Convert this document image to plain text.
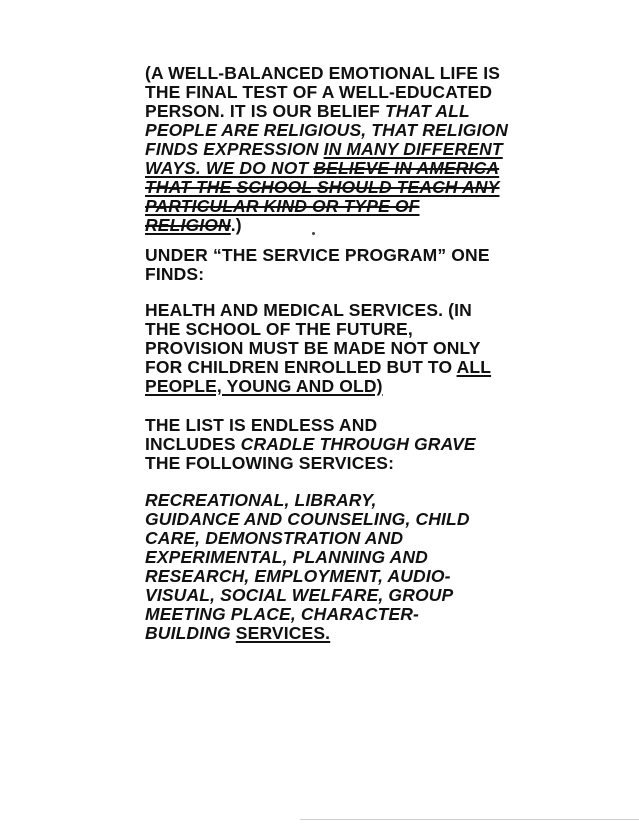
(A WELL-BALANCED EMOTIONAL LIFE IS
THE FINAL TEST OF A WELL-EDUCATED
PERSON. IT IS OUR BELIEF THAT ALL
PEOPLE ARE RELIGIOUS, THAT RELIGION
FINDS EXPRESSION IN MANY DIFFERENT
WAYS. WE DO NOT BELIEVE IN AMERICA
THAT THE SCHOOL SHOULD TEACH ANY
PARTICULAR KIND OR TYPE OF
RELIGION.)
UNDER “THE SERVICE PROGRAM” ONE
FINDS:
HEALTH AND MEDICAL SERVICES. (IN
THE SCHOOL OF THE FUTURE,
PROVISION MUST BE MADE NOT ONLY
FOR CHILDREN ENROLLED BUT TO ALL
PEOPLE, YOUNG AND OLD)
THE LIST IS ENDLESS AND
INCLUDES CRADLE THROUGH GRAVE
THE FOLLOWING SERVICES:
RECREATIONAL, LIBRARY,
GUIDANCE AND COUNSELING, CHILD
CARE, DEMONSTRATION AND
EXPERIMENTAL, PLANNING AND
RESEARCH, EMPLOYMENT, AUDIO-
VISUAL, SOCIAL WELFARE, GROUP
MEETING PLACE, CHARACTER-
BUILDING SERVICES.
